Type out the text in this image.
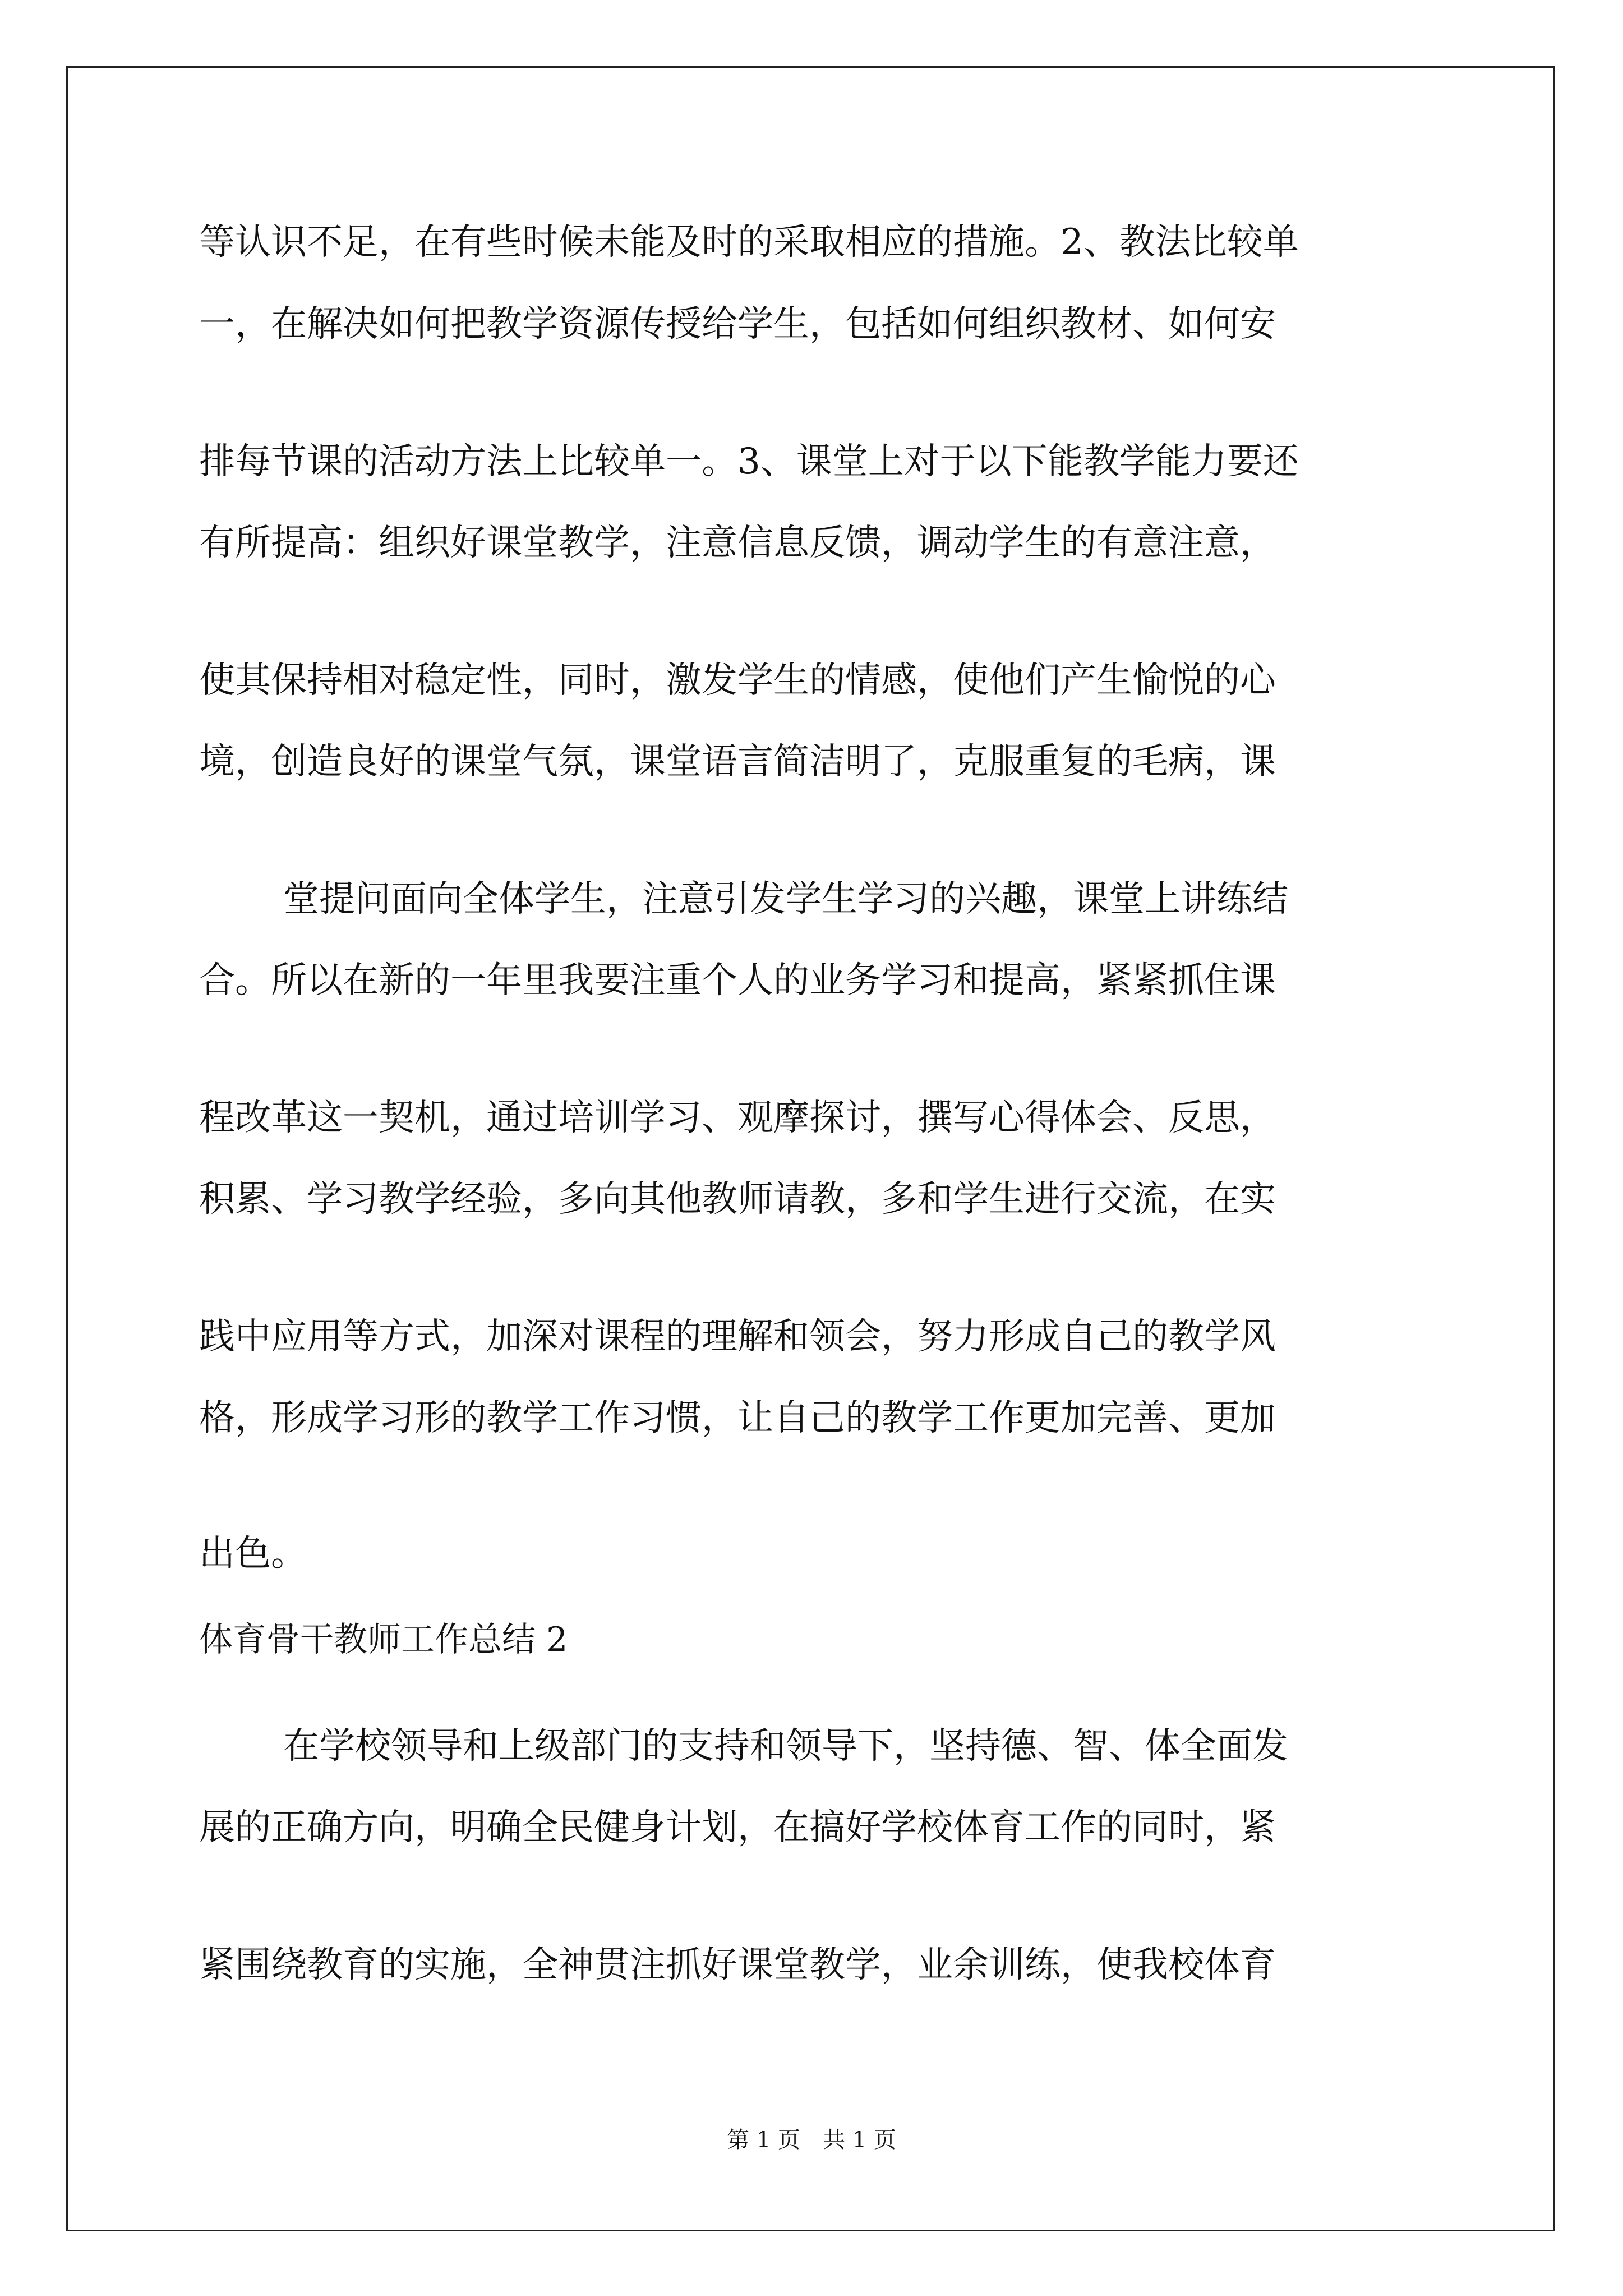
等认识不足，在有些时候未能及时的采取相应的措施。2、教法比较单
一，在解决如何把教学资源传授给学生，包括如何组织教材、如何安
排每节课的活动方法上比较单一。3、课堂上对于以下能教学能力要还
有所提高：组织好课堂教学，注意信息反馈，调动学生的有意注意，
使其保持相对稳定性，同时，激发学生的情感，使他们产生愉悦的心
境，创造良好的课堂气氛，课堂语言简洁明了，克服重复的毛病，课
堂提问面向全体学生，注意引发学生学习的兴趣，课堂上讲练结
合。所以在新的一年里我要注重个人的业务学习和提高，紧紧抓住课
程改革这一契机，通过培训学习、观摩探讨，撰写心得体会、反思，
积累、学习教学经验，多向其他教师请教，多和学生进行交流，在实
践中应用等方式，加深对课程的理解和领会，努力形成自己的教学风
格，形成学习形的教学工作习惯，让自己的教学工作更加完善、更加
出色。
体育骨干教师工作总结 2
在学校领导和上级部门的支持和领导下，坚持德、智、体全面发
展的正确方向，明确全民健身计划，在搞好学校体育工作的同时，紧
紧围绕教育的实施，全神贯注抓好课堂教学，业余训练，使我校体育
第 1 页　共 1 页
